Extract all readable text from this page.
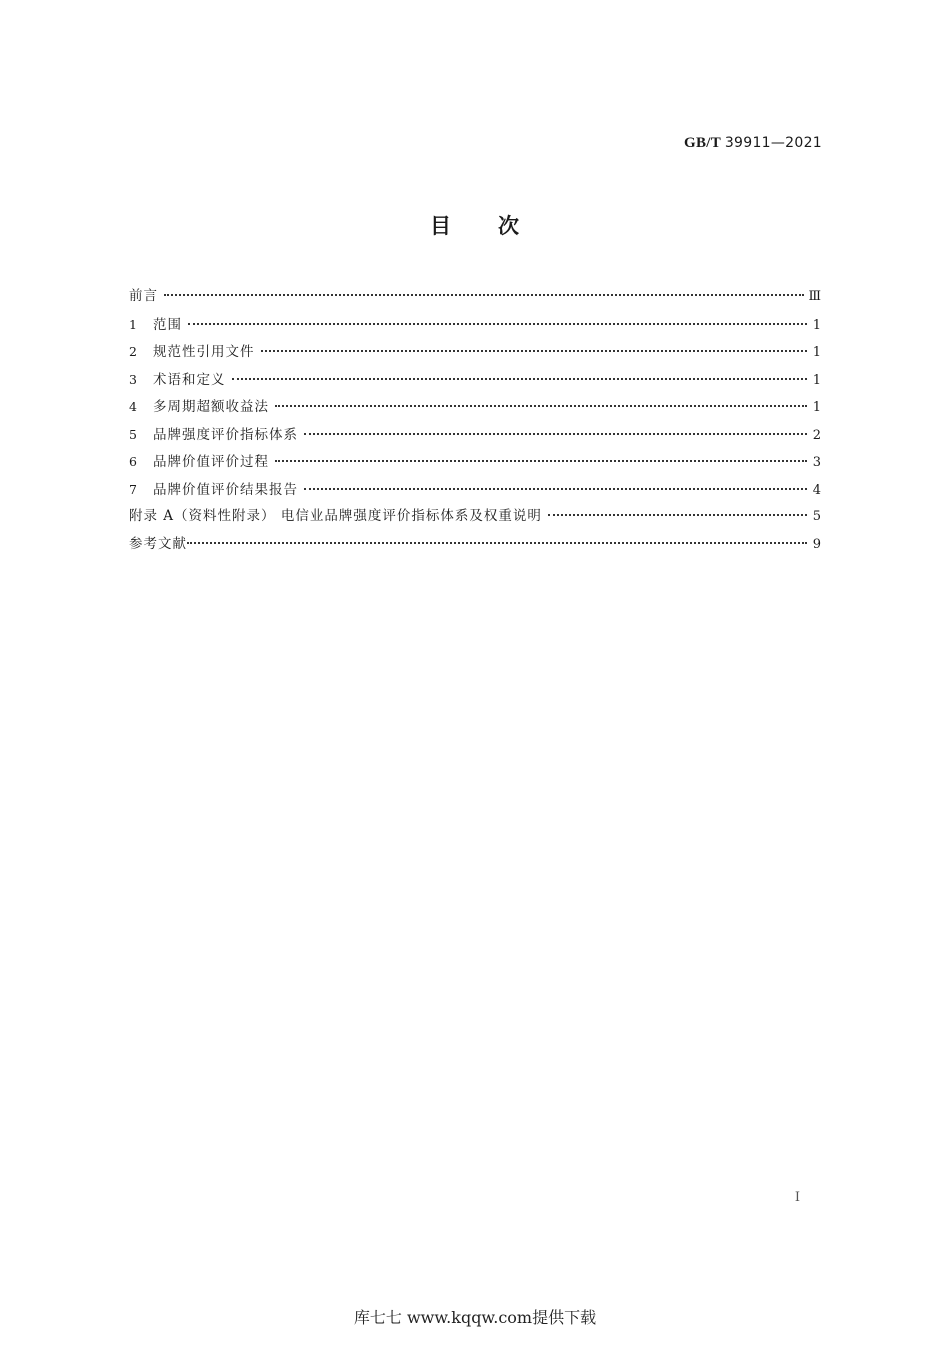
GB/T 39911—2021
目 次
前言	Ⅲ
1	范围	1
2	规范性引用文件	1
3	术语和定义	1
4	多周期超额收益法	1
5	品牌强度评价指标体系	2
6	品牌价值评价过程	3
7	品牌价值评价结果报告	4
附录 A（资料性附录） 电信业品牌强度评价指标体系及权重说明	5
参考文献	9
I
库七七 www.kqqw.com提供下载
